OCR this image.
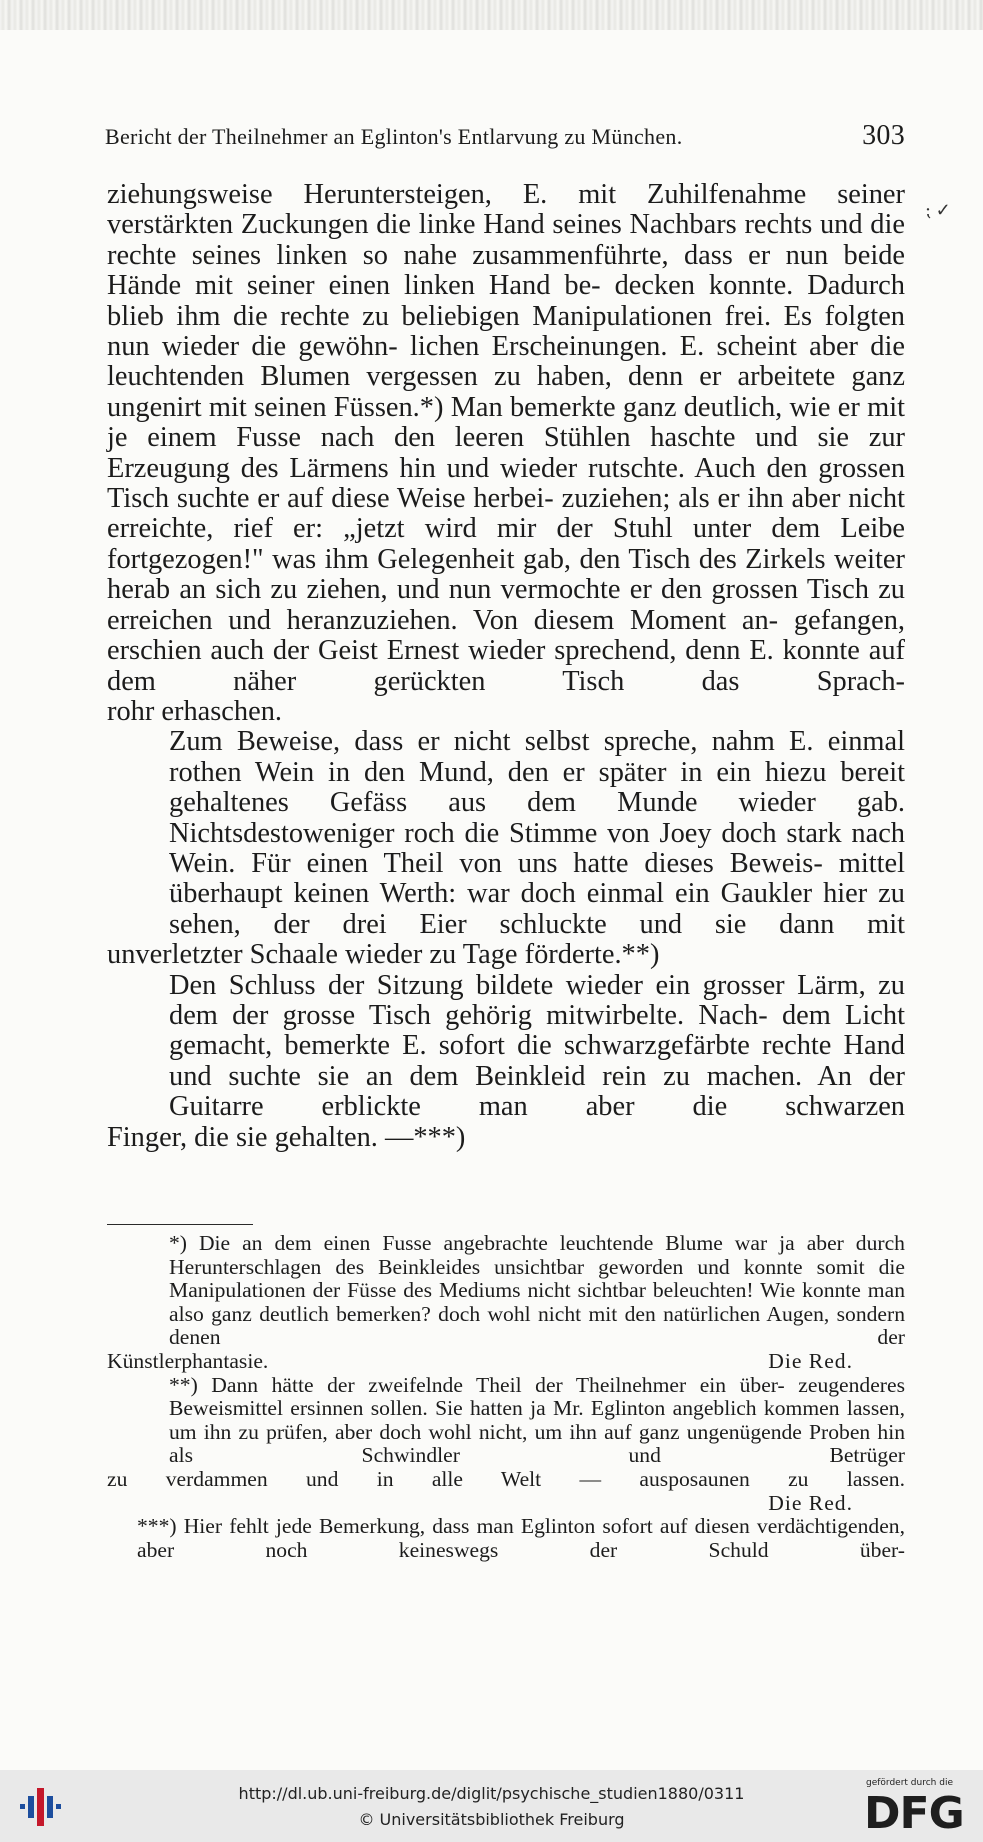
Bericht der Theilnehmer an Eglinton's Entlarvung zu München.	303
⁏ ✓

ziehungsweise Heruntersteigen, E. mit Zuhilfenahme seiner verstärkten Zuckungen die linke Hand seines Nachbars rechts und die rechte seines linken so nahe zusammenführte, dass er nun beide Hände mit seiner einen linken Hand be- decken konnte. Dadurch blieb ihm die rechte zu beliebigen Manipulationen frei. Es folgten nun wieder die gewöhn- lichen Erscheinungen. E. scheint aber die leuchtenden Blumen vergessen zu haben, denn er arbeitete ganz ungenirt mit seinen Füssen.*) Man bemerkte ganz deutlich, wie er mit je einem Fusse nach den leeren Stühlen haschte und sie zur Erzeugung des Lärmens hin und wieder rutschte. Auch den grossen Tisch suchte er auf diese Weise herbei- zuziehen; als er ihn aber nicht erreichte, rief er: „jetzt wird mir der Stuhl unter dem Leibe fortgezogen!" was ihm Gelegenheit gab, den Tisch des Zirkels weiter herab an sich zu ziehen, und nun vermochte er den grossen Tisch zu erreichen und heranzuziehen. Von diesem Moment an- gefangen, erschien auch der Geist Ernest wieder sprechend, denn E. konnte auf dem näher gerückten Tisch das Sprach-

rohr erhaschen.

Zum Beweise, dass er nicht selbst spreche, nahm E. einmal rothen Wein in den Mund, den er später in ein hiezu bereit gehaltenes Gefäss aus dem Munde wieder gab. Nichtsdestoweniger roch die Stimme von Joey doch stark nach Wein. Für einen Theil von uns hatte dieses Beweis- mittel überhaupt keinen Werth: war doch einmal ein Gaukler hier zu sehen, der drei Eier schluckte und sie dann mit

unverletzter Schaale wieder zu Tage förderte.**)

Den Schluss der Sitzung bildete wieder ein grosser Lärm, zu dem der grosse Tisch gehörig mitwirbelte. Nach- dem Licht gemacht, bemerkte E. sofort die schwarzgefärbte rechte Hand und suchte sie an dem Beinkleid rein zu machen. An der Guitarre erblickte man aber die schwarzen

Finger, die sie gehalten. —***)

*) Die an dem einen Fusse angebrachte leuchtende Blume war ja aber durch Herunterschlagen des Beinkleides unsichtbar geworden und konnte somit die Manipulationen der Füsse des Mediums nicht sichtbar beleuchten! Wie konnte man also ganz deutlich bemerken? doch wohl nicht mit den natürlichen Augen, sondern denen der

Künstlerphantasie.	Die Red.

**) Dann hätte der zweifelnde Theil der Theilnehmer ein über- zeugenderes Beweismittel ersinnen sollen. Sie hatten ja Mr. Eglinton angeblich kommen lassen, um ihn zu prüfen, aber doch wohl nicht, um ihn auf ganz ungenügende Proben hin als Schwindler und Betrüger

zu verdammen und in alle Welt — ausposaunen zu lassen.

Die Red.

***) Hier fehlt jede Bemerkung, dass man Eglinton sofort auf diesen verdächtigenden, aber noch keineswegs der Schuld über-

http://dl.ub.uni-freiburg.de/diglit/psychische_studien1880/0311
© Universitätsbibliothek Freiburg
gefördert durch die
DFG
